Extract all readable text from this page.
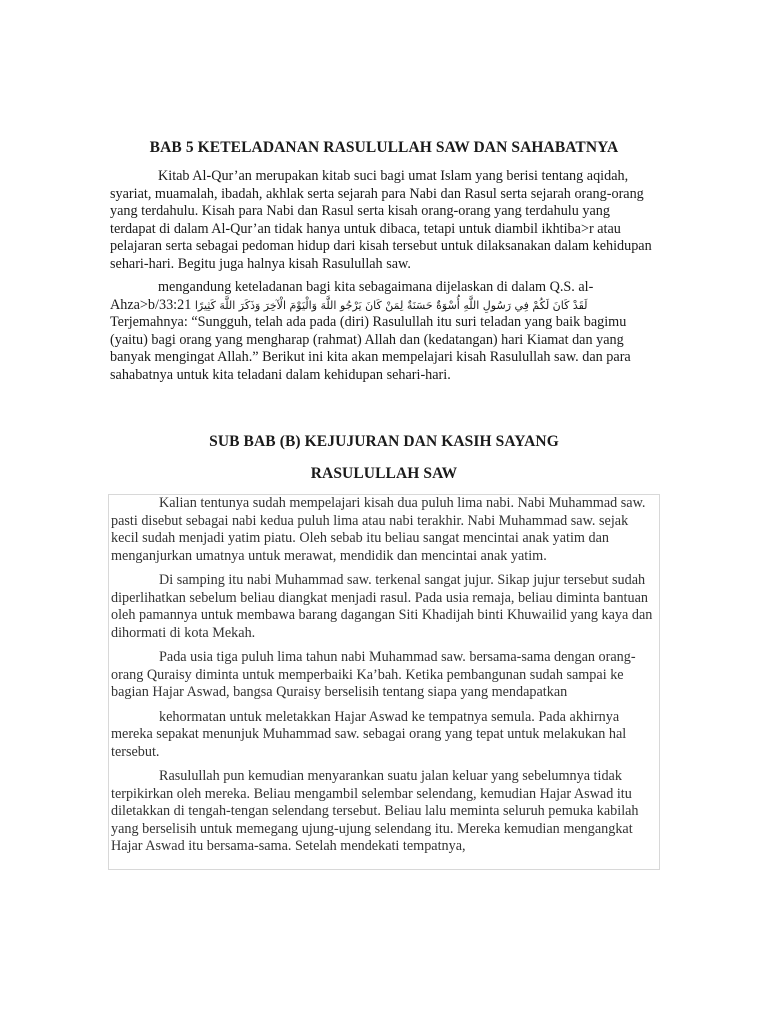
BAB 5 KETELADANAN RASULULLAH SAW DAN SAHABATNYA

Kitab Al-Qur’an merupakan kitab suci bagi umat Islam yang berisi tentang aqidah, syariat, muamalah, ibadah, akhlak serta sejarah para Nabi dan Rasul serta sejarah orang-orang yang terdahulu. Kisah para Nabi dan Rasul serta kisah orang-orang yang terdahulu yang terdapat di dalam Al-Qur’an tidak hanya untuk dibaca, tetapi untuk diambil ikhtiba>r atau pelajaran serta sebagai pedoman hidup dari kisah tersebut untuk dilaksanakan dalam kehidupan sehari-hari. Begitu juga halnya kisah Rasulullah saw.

mengandung keteladanan bagi kita sebagaimana dijelaskan di dalam Q.S. al-Ahza>b/33:21 لَقَدْ كَانَ لَكُمْ فِي رَسُولِ اللَّهِ أُسْوَةٌ حَسَنَةٌ لِمَنْ كَانَ يَرْجُو اللَّهَ وَالْيَوْمَ الْآخِرَ وَذَكَرَ اللَّهَ كَثِيرًا Terjemahnya: “Sungguh, telah ada pada (diri) Rasulullah itu suri teladan yang baik bagimu (yaitu) bagi orang yang mengharap (rahmat) Allah dan (kedatangan) hari Kiamat dan yang banyak mengingat Allah.” Berikut ini kita akan mempelajari kisah Rasulullah saw. dan para sahabatnya untuk kita teladani dalam kehidupan sehari-hari.

SUB BAB (B) KEJUJURAN DAN KASIH SAYANG
RASULULLAH SAW

Kalian tentunya sudah mempelajari kisah dua puluh lima nabi. Nabi Muhammad saw. pasti disebut sebagai nabi kedua puluh lima atau nabi terakhir. Nabi Muhammad saw. sejak kecil sudah menjadi yatim piatu. Oleh sebab itu beliau sangat mencintai anak yatim dan menganjurkan umatnya untuk merawat, mendidik dan mencintai anak yatim.

Di samping itu nabi Muhammad saw. terkenal sangat jujur. Sikap jujur tersebut sudah diperlihatkan sebelum beliau diangkat menjadi rasul. Pada usia remaja, beliau diminta bantuan oleh pamannya untuk membawa barang dagangan Siti Khadijah binti Khuwailid yang kaya dan dihormati di kota Mekah.

Pada usia tiga puluh lima tahun nabi Muhammad saw. bersama-sama dengan orang-orang Quraisy diminta untuk memperbaiki Ka’bah. Ketika pembangunan sudah sampai ke bagian Hajar Aswad, bangsa Quraisy berselisih tentang siapa yang mendapatkan

kehormatan untuk meletakkan Hajar Aswad ke tempatnya semula. Pada akhirnya mereka sepakat menunjuk Muhammad saw. sebagai orang yang tepat untuk melakukan hal tersebut.

Rasulullah pun kemudian menyarankan suatu jalan keluar yang sebelumnya tidak terpikirkan oleh mereka. Beliau mengambil selembar selendang, kemudian Hajar Aswad itu diletakkan di tengah-tengan selendang tersebut. Beliau lalu meminta seluruh pemuka kabilah yang berselisih untuk memegang ujung-ujung selendang itu. Mereka kemudian mengangkat Hajar Aswad itu bersama-sama. Setelah mendekati tempatnya,
